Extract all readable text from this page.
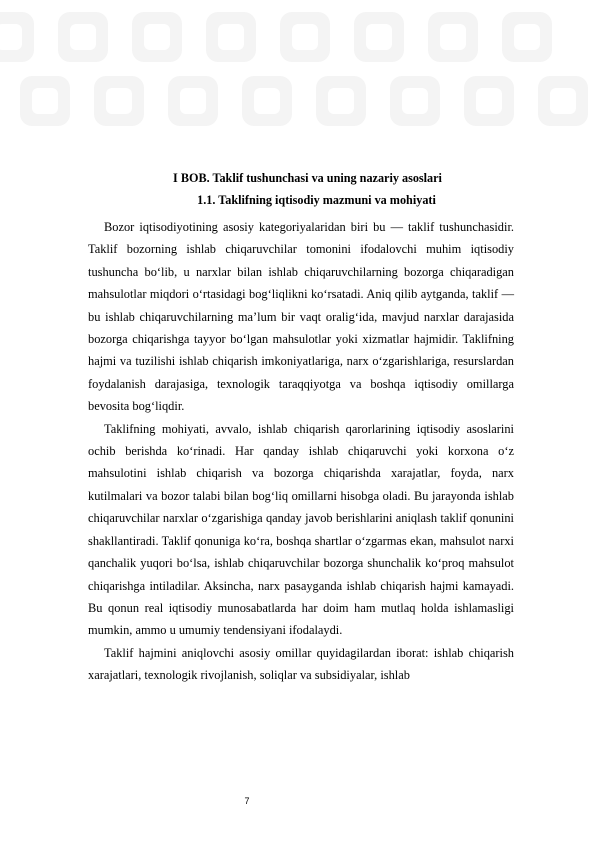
I BOB. Taklif tushunchasi va uning nazariy asoslari
1.1. Taklifning iqtisodiy mazmuni va mohiyati

Bozor iqtisodiyotining asosiy kategoriyalaridan biri bu — taklif tushunchasidir. Taklif bozorning ishlab chiqaruvchilar tomonini ifodalovchi muhim iqtisodiy tushuncha bo‘lib, u narxlar bilan ishlab chiqaruvchilarning bozorga chiqaradigan mahsulotlar miqdori o‘rtasidagi bog‘liqlikni ko‘rsatadi. Aniq qilib aytganda, taklif — bu ishlab chiqaruvchilarning ma’lum bir vaqt oralig‘ida, mavjud narxlar darajasida bozorga chiqarishga tayyor bo‘lgan mahsulotlar yoki xizmatlar hajmidir. Taklifning hajmi va tuzilishi ishlab chiqarish imkoniyatlariga, narx o‘zgarishlariga, resurslardan foydalanish darajasiga, texnologik taraqqiyotga va boshqa iqtisodiy omillarga bevosita bog‘liqdir.

Taklifning mohiyati, avvalo, ishlab chiqarish qarorlarining iqtisodiy asoslarini ochib berishda ko‘rinadi. Har qanday ishlab chiqaruvchi yoki korxona o‘z mahsulotini ishlab chiqarish va bozorga chiqarishda xarajatlar, foyda, narx kutilmalari va bozor talabi bilan bog‘liq omillarni hisobga oladi. Bu jarayonda ishlab chiqaruvchilar narxlar o‘zgarishiga qanday javob berishlarini aniqlash taklif qonunini shakllantiradi. Taklif qonuniga ko‘ra, boshqa shartlar o‘zgarmas ekan, mahsulot narxi qanchalik yuqori bo‘lsa, ishlab chiqaruvchilar bozorga shunchalik ko‘proq mahsulot chiqarishga intiladilar. Aksincha, narx pasayganda ishlab chiqarish hajmi kamayadi. Bu qonun real iqtisodiy munosabatlarda har doim ham mutlaq holda ishlamasligi mumkin, ammo u umumiy tendensiyani ifodalaydi.

Taklif hajmini aniqlovchi asosiy omillar quyidagilardan iborat: ishlab chiqarish xarajatlari, texnologik rivojlanish, soliqlar va subsidiyalar, ishlab

7
